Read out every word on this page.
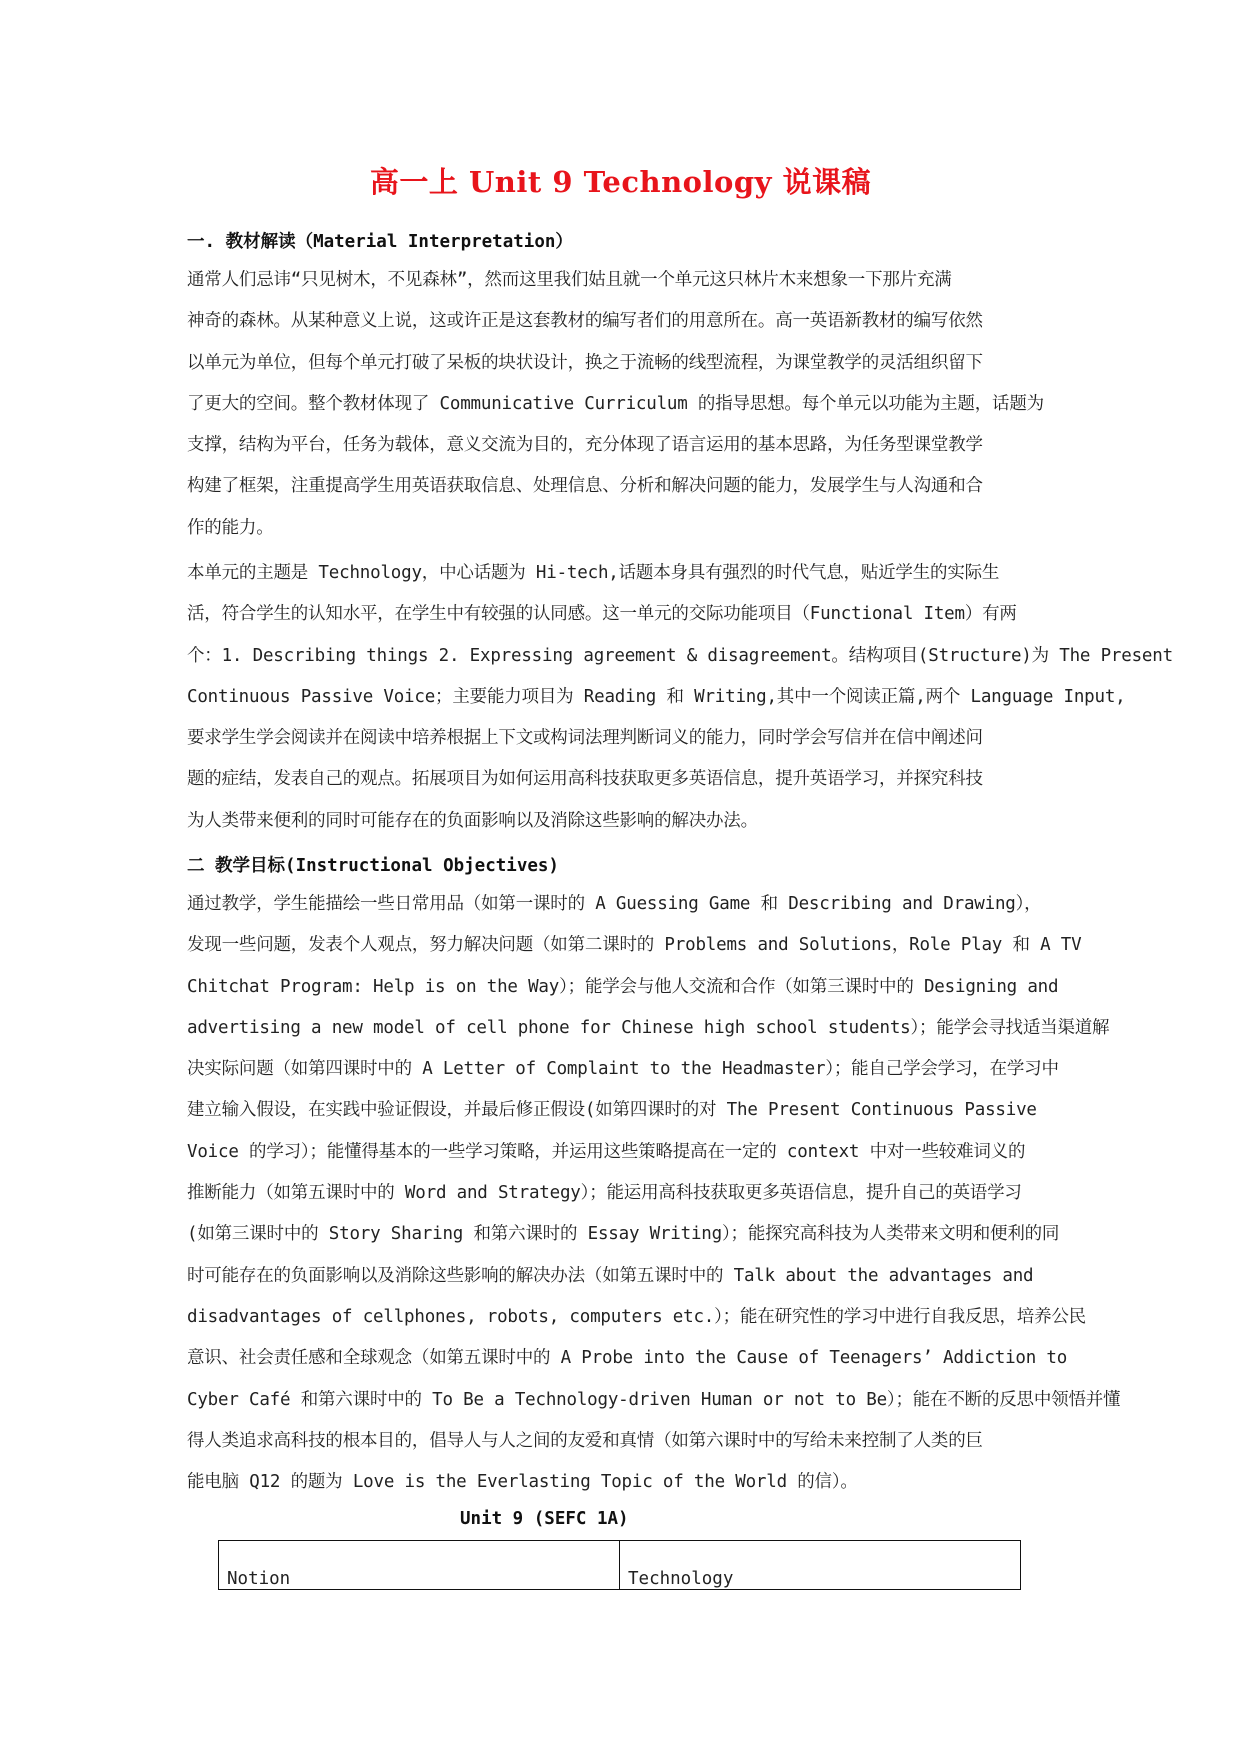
高一上 Unit 9 Technology 说课稿
一. 教材解读（Material Interpretation）
通常人们忌讳“只见树木，不见森林”，然而这里我们姑且就一个单元这只林片木来想象一下那片充满
神奇的森林。从某种意义上说，这或许正是这套教材的编写者们的用意所在。高一英语新教材的编写依然
以单元为单位，但每个单元打破了呆板的块状设计，换之于流畅的线型流程，为课堂教学的灵活组织留下
了更大的空间。整个教材体现了 Communicative Curriculum 的指导思想。每个单元以功能为主题，话题为
支撑，结构为平台，任务为载体，意义交流为目的，充分体现了语言运用的基本思路，为任务型课堂教学
构建了框架，注重提高学生用英语获取信息、处理信息、分析和解决问题的能力，发展学生与人沟通和合
作的能力。
本单元的主题是 Technology，中心话题为 Hi-tech,话题本身具有强烈的时代气息，贴近学生的实际生
活，符合学生的认知水平，在学生中有较强的认同感。这一单元的交际功能项目（Functional Item）有两
个：1. Describing things 2. Expressing agreement & disagreement。结构项目(Structure)为 The Present
Continuous Passive Voice；主要能力项目为 Reading 和 Writing,其中一个阅读正篇,两个 Language Input,
要求学生学会阅读并在阅读中培养根据上下文或构词法理判断词义的能力，同时学会写信并在信中阐述问
题的症结，发表自己的观点。拓展项目为如何运用高科技获取更多英语信息，提升英语学习，并探究科技
为人类带来便利的同时可能存在的负面影响以及消除这些影响的解决办法。
二 教学目标(Instructional Objectives)
通过教学，学生能描绘一些日常用品（如第一课时的 A Guessing Game 和 Describing and Drawing），
发现一些问题，发表个人观点，努力解决问题（如第二课时的 Problems and Solutions，Role Play 和 A TV
Chitchat Program: Help is on the Way）；能学会与他人交流和合作（如第三课时中的 Designing and
advertising a new model of cell phone for Chinese high school students）；能学会寻找适当渠道解
决实际问题（如第四课时中的 A Letter of Complaint to the Headmaster）；能自己学会学习，在学习中
建立输入假设，在实践中验证假设，并最后修正假设(如第四课时的对 The Present Continuous Passive
Voice 的学习）；能懂得基本的一些学习策略，并运用这些策略提高在一定的 context 中对一些较难词义的
推断能力（如第五课时中的 Word and Strategy）；能运用高科技获取更多英语信息，提升自己的英语学习
(如第三课时中的 Story Sharing 和第六课时的 Essay Writing）；能探究高科技为人类带来文明和便利的同
时可能存在的负面影响以及消除这些影响的解决办法（如第五课时中的 Talk about the advantages and
disadvantages of cellphones, robots, computers etc.）；能在研究性的学习中进行自我反思，培养公民
意识、社会责任感和全球观念（如第五课时中的 A Probe into the Cause of Teenagers’ Addiction to
Cyber Café 和第六课时中的 To Be a Technology-driven Human or not to Be）；能在不断的反思中领悟并懂
得人类追求高科技的根本目的，倡导人与人之间的友爱和真情（如第六课时中的写给未来控制了人类的巨
能电脑 Q12 的题为 Love is the Everlasting Topic of the World 的信）。
Unit 9 (SEFC 1A)
Notion	Technology
